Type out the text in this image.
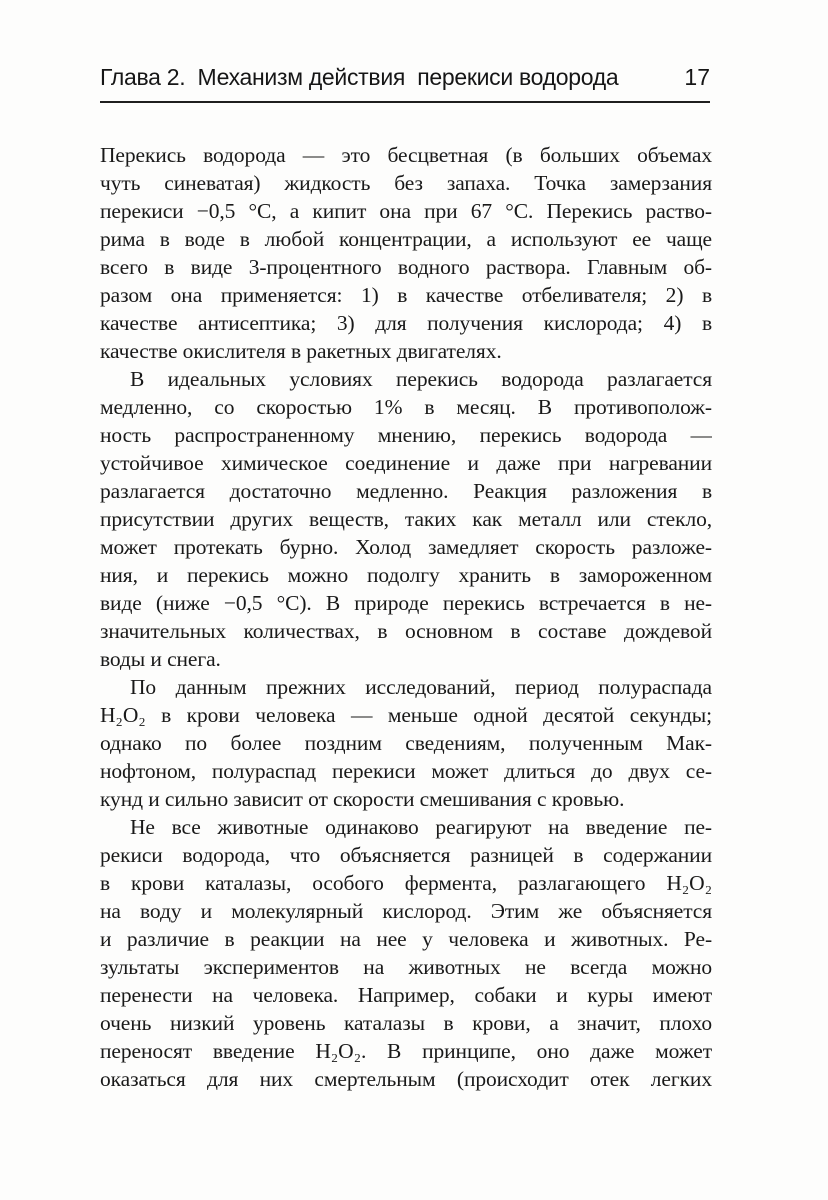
Глава 2.  Механизм действия  перекиси водорода	17
Перекись водорода — это бесцветная (в больших объемах
чуть синеватая) жидкость без запаха. Точка замерзания
перекиси −0,5 °C, а кипит она при 67 °C. Перекись раство-
рима в воде в любой концентрации, а используют ее чаще
всего в виде 3-процентного водного раствора. Главным об-
разом она применяется: 1) в качестве отбеливателя; 2) в
качестве антисептика; 3) для получения кислорода; 4) в
качестве окислителя в ракетных двигателях.
В идеальных условиях перекись водорода разлагается
медленно, со скоростью 1% в месяц. В противополож-
ность распространенному мнению, перекись водорода —
устойчивое химическое соединение и даже при нагревании
разлагается достаточно медленно. Реакция разложения в
присутствии других веществ, таких как металл или стекло,
может протекать бурно. Холод замедляет скорость разложе-
ния, и перекись можно подолгу хранить в замороженном
виде (ниже −0,5 °C). В природе перекись встречается в не-
значительных количествах, в основном в составе дождевой
воды и снега.
По данным прежних исследований, период полураспада
H₂O₂ в крови человека — меньше одной десятой секунды;
однако по более поздним сведениям, полученным Мак-
нофтоном, полураспад перекиси может длиться до двух се-
кунд и сильно зависит от скорости смешивания с кровью.
Не все животные одинаково реагируют на введение пе-
рекиси водорода, что объясняется разницей в содержании
в крови каталазы, особого фермента, разлагающего H₂O₂
на воду и молекулярный кислород. Этим же объясняется
и различие в реакции на нее у человека и животных. Ре-
зультаты экспериментов на животных не всегда можно
перенести на человека. Например, собаки и куры имеют
очень низкий уровень каталазы в крови, а значит, плохо
переносят введение H₂O₂. В принципе, оно даже может
оказаться для них смертельным (происходит отек легких
